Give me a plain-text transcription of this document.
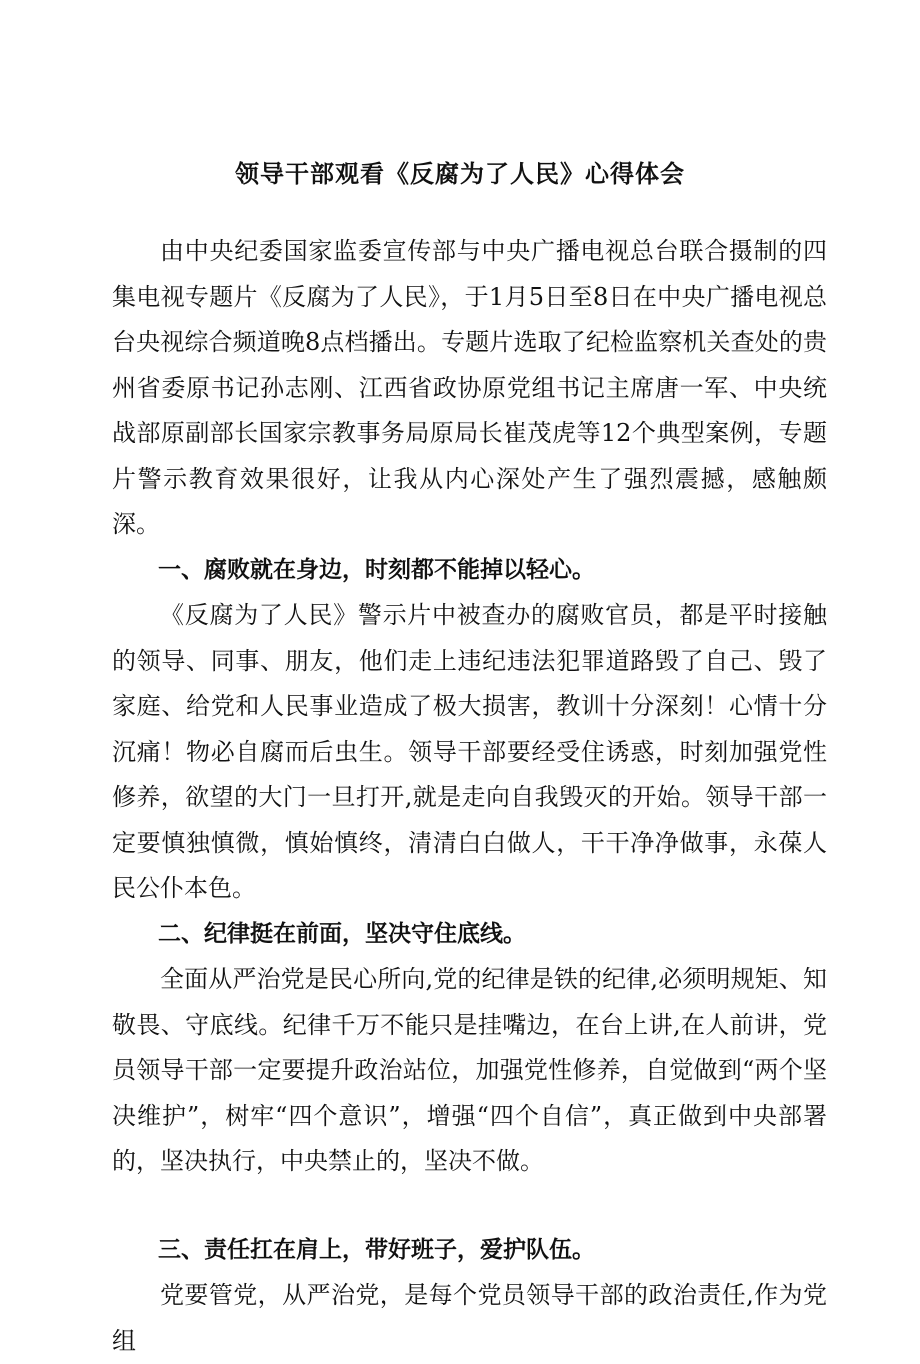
领导干部观看《反腐为了人民》心得体会

由中央纪委国家监委宣传部与中央广播电视总台联合摄制的四集电视专题片《反腐为了人民》，于1月5日至8日在中央广播电视总台央视综合频道晚8点档播出。专题片选取了纪检监察机关查处的贵州省委原书记孙志刚、江西省政协原党组书记主席唐一军、中央统战部原副部长国家宗教事务局原局长崔茂虎等12个典型案例，专题片警示教育效果很好，让我从内心深处产生了强烈震撼，感触颇深。

一、腐败就在身边，时刻都不能掉以轻心。

《反腐为了人民》警示片中被查办的腐败官员，都是平时接触的领导、同事、朋友，他们走上违纪违法犯罪道路毁了自己、毁了家庭、给党和人民事业造成了极大损害，教训十分深刻！心情十分沉痛！物必自腐而后虫生。领导干部要经受住诱惑，时刻加强党性修养，欲望的大门一旦打开,就是走向自我毁灭的开始。领导干部一定要慎独慎微，慎始慎终，清清白白做人，干干净净做事，永葆人民公仆本色。

二、纪律挺在前面，坚决守住底线。

全面从严治党是民心所向,党的纪律是铁的纪律,必须明规矩、知敬畏、守底线。纪律千万不能只是挂嘴边，在台上讲,在人前讲，党员领导干部一定要提升政治站位，加强党性修养，自觉做到“两个坚决维护”，树牢“四个意识”，增强“四个自信”，真正做到中央部署的，坚决执行，中央禁止的，坚决不做。

三、责任扛在肩上，带好班子，爱护队伍。

党要管党，从严治党，是每个党员领导干部的政治责任,作为党组
